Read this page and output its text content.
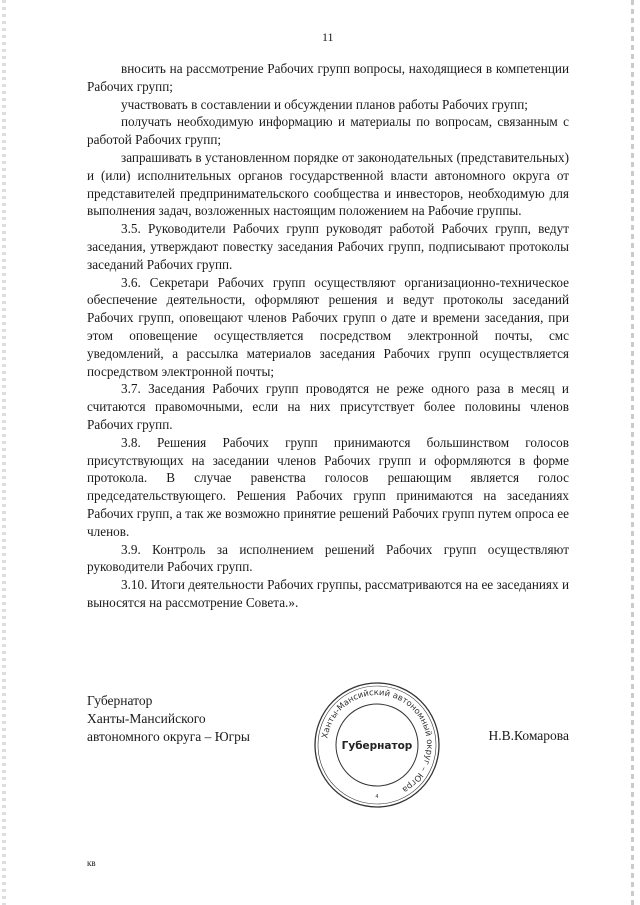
11

вносить на рассмотрение Рабочих групп вопросы, находящиеся в компетенции Рабочих групп;

участвовать в составлении и обсуждении планов работы Рабочих групп;

получать необходимую информацию и материалы по вопросам, связанным с работой Рабочих групп;

запрашивать в установленном порядке от законодательных (представительных) и (или) исполнительных органов государственной власти автономного округа от представителей предпринимательского сообщества и инвесторов, необходимую для выполнения задач, возложенных настоящим положением на Рабочие группы.

3.5. Руководители Рабочих групп руководят работой Рабочих групп, ведут заседания, утверждают повестку заседания Рабочих групп, подписывают протоколы заседаний Рабочих групп.

3.6. Секретари Рабочих групп осуществляют организационно-техническое обеспечение деятельности, оформляют решения и ведут протоколы заседаний Рабочих групп, оповещают членов Рабочих групп о дате и времени заседания, при этом оповещение осуществляется посредством электронной почты, смс уведомлений, а рассылка материалов заседания Рабочих групп осуществляется посредством электронной почты;

3.7. Заседания Рабочих групп проводятся не реже одного раза в месяц и считаются правомочными, если на них присутствует более половины членов Рабочих групп.

3.8. Решения Рабочих групп принимаются большинством голосов присутствующих на заседании членов Рабочих групп и оформляются в форме протокола. В случае равенства голосов решающим является голос председательствующего. Решения Рабочих групп принимаются на заседаниях Рабочих групп, а так же возможно принятие решений Рабочих групп путем опроса ее членов.

3.9. Контроль за исполнением решений Рабочих групп осуществляют руководители Рабочих групп.

3.10. Итоги деятельности Рабочих группы, рассматриваются на ее заседаниях и выносятся на рассмотрение Совета.».

Губернатор
Ханты-Мансийского
автономного округа – Югры	Ханты-Мансийский автономный округ – Югра
Губернатор
4
Н.В.Комарова
кв
